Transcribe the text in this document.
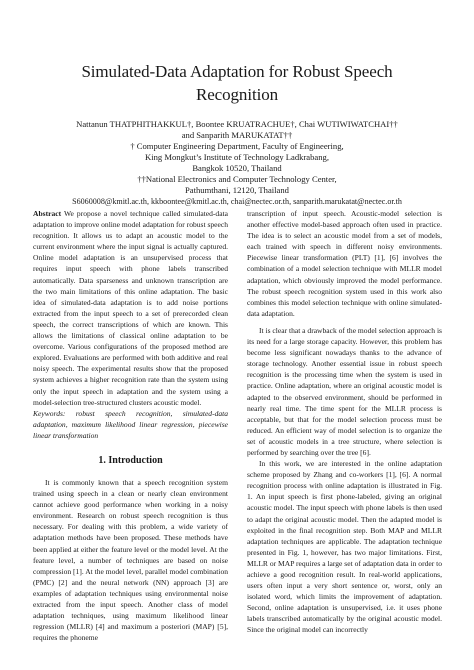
Simulated-Data Adaptation for Robust Speech
Recognition
Nattanun THATPHITHAKKUL†, Boontee KRUATRACHUE†, Chai WUTIWIWATCHAI††
and Sanparith MARUKATAT††
† Computer Engineering Department, Faculty of Engineering,
King Mongkut’s Institute of Technology Ladkrabang,
Bangkok 10520, Thailand
††National Electronics and Computer Technology Center,
Pathumthani, 12120, Thailand
S6060008@kmitl.ac.th, kkboontee@kmitl.ac.th, chai@nectec.or.th, sanparith.marukatat@nectec.or.th

Abstract We propose a novel technique called simulated-data adaptation to improve online model adaptation for robust speech recognition. It allows us to adapt an acoustic model to the current environment where the input signal is actually captured. Online model adaptation is an unsupervised process that requires input speech with phone labels transcribed automatically. Data sparseness and unknown transcription are the two main limitations of this online adaptation. The basic idea of simulated-data adaptation is to add noise portions extracted from the input speech to a set of prerecorded clean speech, the correct transcriptions of which are known. This allows the limitations of classical online adaptation to be overcome. Various configurations of the proposed method are explored. Evaluations are performed with both additive and real noisy speech. The experimental results show that the proposed system achieves a higher recognition rate than the system using only the input speech in adaptation and the system using a model-selection tree-structured clusters acoustic model.

Keywords: robust speech recognition, simulated-data adaptation, maximum likelihood linear regression, piecewise linear transformation

1. Introduction

It is commonly known that a speech recognition system trained using speech in a clean or nearly clean environment cannot achieve good performance when working in a noisy environment. Research on robust speech recognition is thus necessary. For dealing with this problem, a wide variety of adaptation methods have been proposed. These methods have been applied at either the feature level or the model level. At the feature level, a number of techniques are based on noise compression [1]. At the model level, parallel model combination (PMC) [2] and the neural network (NN) approach [3] are examples of adaptation techniques using environmental noise extracted from the input speech. Another class of model adaptation techniques, using maximum likelihood linear regression (MLLR) [4] and maximum a posteriori (MAP) [5], requires the phoneme

transcription of input speech. Acoustic-model selection is another effective model-based approach often used in practice. The idea is to select an acoustic model from a set of models, each trained with speech in different noisy environments. Piecewise linear transformation (PLT) [1], [6] involves the combination of a model selection technique with MLLR model adaptation, which obviously improved the model performance. The robust speech recognition system used in this work also combines this model selection technique with online simulated-data adaptation.

It is clear that a drawback of the model selection approach is its need for a large storage capacity. However, this problem has become less significant nowadays thanks to the advance of storage technology. Another essential issue in robust speech recognition is the processing time when the system is used in practice. Online adaptation, where an original acoustic model is adapted to the observed environment, should be performed in nearly real time. The time spent for the MLLR process is acceptable, but that for the model selection process must be reduced. An efficient way of model selection is to organize the set of acoustic models in a tree structure, where selection is performed by searching over the tree [6].

In this work, we are interested in the online adaptation scheme proposed by Zhang and co-workers [1], [6]. A normal recognition process with online adaptation is illustrated in Fig. 1. An input speech is first phone-labeled, giving an original acoustic model. The input speech with phone labels is then used to adapt the original acoustic model. Then the adapted model is exploited in the final recognition step. Both MAP and MLLR adaptation techniques are applicable. The adaptation technique presented in Fig. 1, however, has two major limitations. First, MLLR or MAP requires a large set of adaptation data in order to achieve a good recognition result. In real-world applications, users often input a very short sentence or, worst, only an isolated word, which limits the improvement of adaptation. Second, online adaptation is unsupervised, i.e. it uses phone labels transcribed automatically by the original acoustic model. Since the original model can incorrectly
